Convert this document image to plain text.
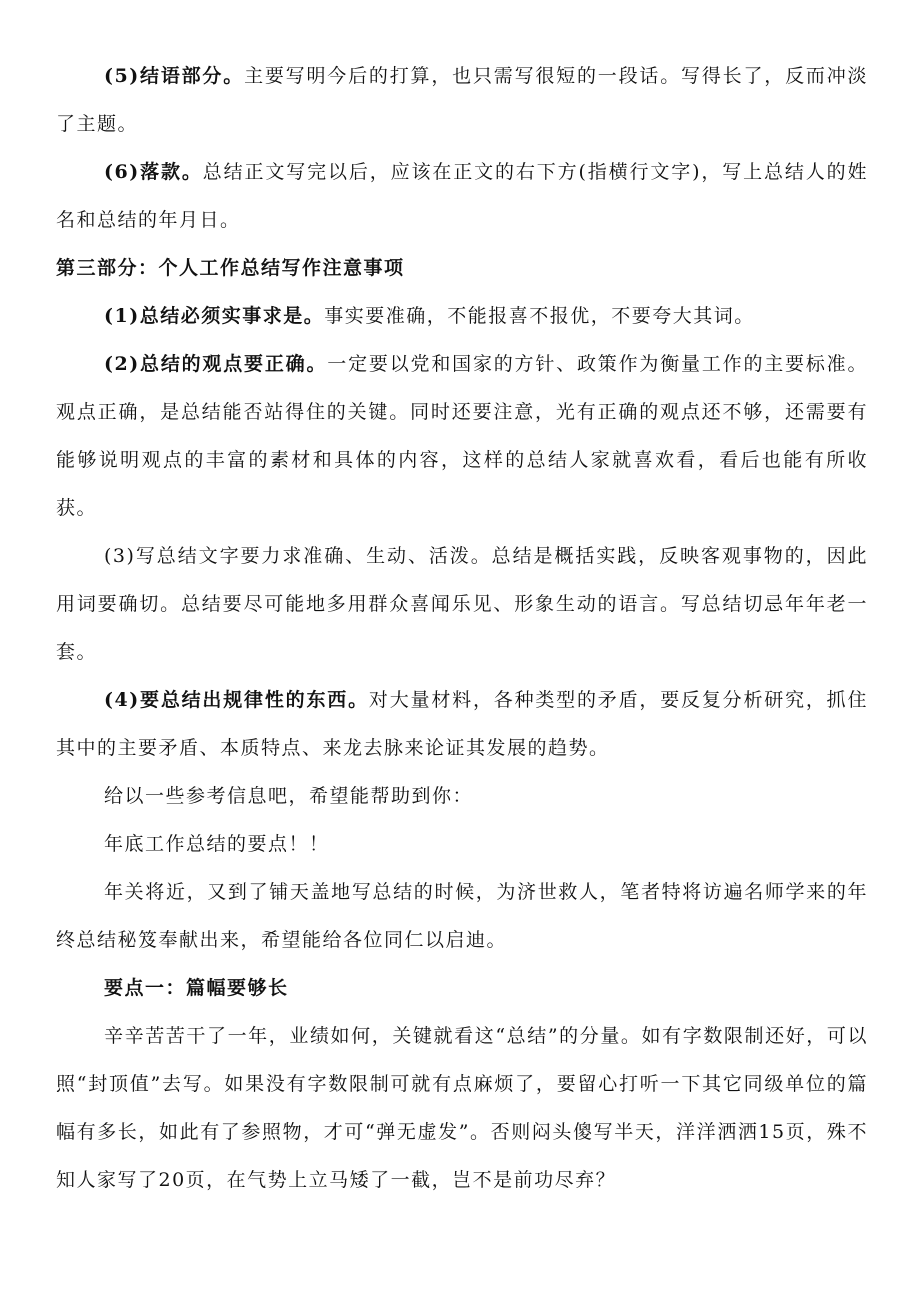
(5)结语部分。主要写明今后的打算，也只需写很短的一段话。写得长了，反而冲淡了主题。

(6)落款。总结正文写完以后，应该在正文的右下方(指横行文字)，写上总结人的姓名和总结的年月日。

第三部分：个人工作总结写作注意事项

(1)总结必须实事求是。事实要准确，不能报喜不报优，不要夸大其词。

(2)总结的观点要正确。一定要以党和国家的方针、政策作为衡量工作的主要标准。观点正确，是总结能否站得住的关键。同时还要注意，光有正确的观点还不够，还需要有能够说明观点的丰富的素材和具体的内容，这样的总结人家就喜欢看，看后也能有所收获。

(3)写总结文字要力求准确、生动、活泼。总结是概括实践，反映客观事物的，因此用词要确切。总结要尽可能地多用群众喜闻乐见、形象生动的语言。写总结切忌年年老一套。

(4)要总结出规律性的东西。对大量材料，各种类型的矛盾，要反复分析研究，抓住其中的主要矛盾、本质特点、来龙去脉来论证其发展的趋势。

给以一些参考信息吧，希望能帮助到你：

年底工作总结的要点！！

年关将近，又到了铺天盖地写总结的时候，为济世救人，笔者特将访遍名师学来的年终总结秘笈奉献出来，希望能给各位同仁以启迪。

要点一：篇幅要够长

辛辛苦苦干了一年，业绩如何，关键就看这“总结”的分量。如有字数限制还好，可以照“封顶值”去写。如果没有字数限制可就有点麻烦了，要留心打听一下其它同级单位的篇幅有多长，如此有了参照物，才可“弹无虚发”。否则闷头傻写半天，洋洋洒洒15页，殊不知人家写了20页，在气势上立马矮了一截，岂不是前功尽弃？
